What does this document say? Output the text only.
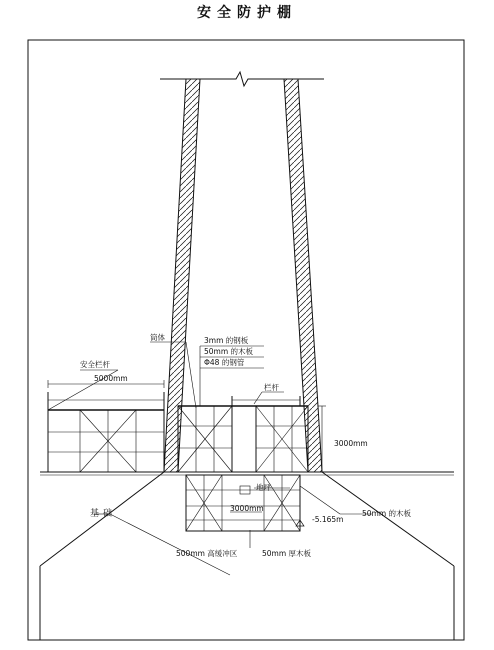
安全防护棚
5000mm
3000mm
3000mm
-5.165m
筒体	3mm 的钢板
50mm 的木板
Φ48 的钢管
安全栏杆
栏杆
地坪
50mm 的木板
基础
500mm 高缓冲区	50mm 厚木板
